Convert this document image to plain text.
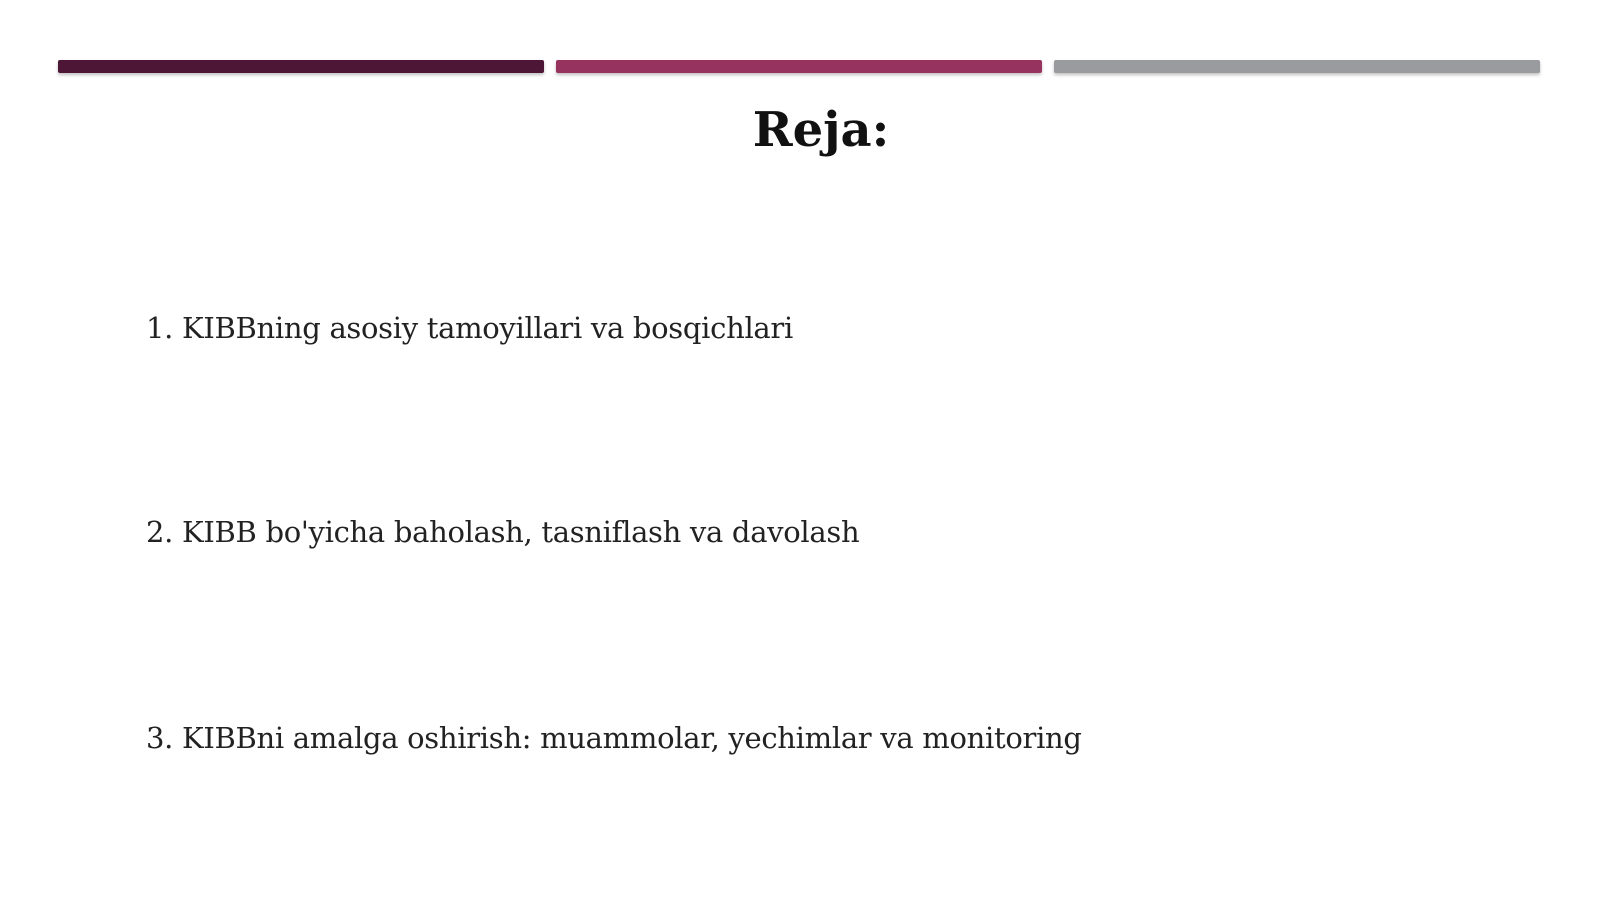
Reja:
1. KIBBning asosiy tamoyillari va bosqichlari
2. KIBB bo'yicha baholash, tasniflash va davolash
3. KIBBni amalga oshirish: muammolar, yechimlar va monitoring
